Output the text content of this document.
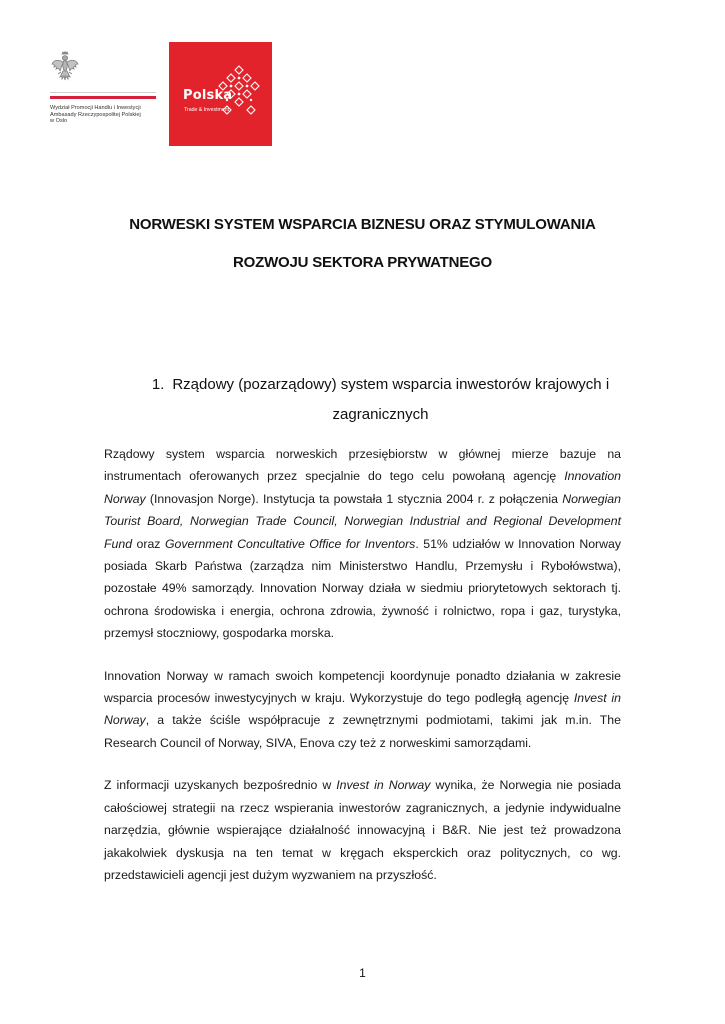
Wydział Promocji Handlu i Inwestycji
Ambasady Rzeczypospolitej Polskiej
w Oslo
Polska
Trade & Investment
NORWESKI SYSTEM WSPARCIA BIZNESU ORAZ STYMULOWANIA
ROZWOJU SEKTORA PRYWATNEGO
1. Rządowy (pozarządowy) system wsparcia inwestorów krajowych i
zagranicznych

Rządowy system wsparcia norweskich przesiębiorstw w głównej mierze bazuje na instrumentach oferowanych przez specjalnie do tego celu powołaną agencję Innovation Norway (Innovasjon Norge). Instytucja ta powstała 1 stycznia 2004 r. z połączenia Norwegian Tourist Board, Norwegian Trade Council, Norwegian Industrial and Regional Development Fund oraz Government Concultative Office for Inventors. 51% udziałów w Innovation Norway posiada Skarb Państwa (zarządza nim Ministerstwo Handlu, Przemysłu i Rybołówstwa), pozostałe 49% samorządy. Innovation Norway działa w siedmiu priorytetowych sektorach tj. ochrona środowiska i energia, ochrona zdrowia, żywność i rolnictwo, ropa i gaz, turystyka, przemysł stoczniowy, gospodarka morska.

Innovation Norway w ramach swoich kompetencji koordynuje ponadto działania w zakresie wsparcia procesów inwestycyjnych w kraju. Wykorzystuje do tego podległą agencję Invest in Norway, a także ściśle współpracuje z zewnętrznymi podmiotami, takimi jak m.in. The Research Council of Norway, SIVA, Enova czy też z norweskimi samorządami.

Z informacji uzyskanych bezpośrednio w Invest in Norway wynika, że Norwegia nie posiada całościowej strategii na rzecz wspierania inwestorów zagranicznych, a jedynie indywidualne narzędzia, głównie wspierające działalność innowacyjną i B&R. Nie jest też prowadzona jakakolwiek dyskusja na ten temat w kręgach eksperckich oraz politycznych, co wg. przedstawicieli agencji jest dużym wyzwaniem na przyszłość.

1
